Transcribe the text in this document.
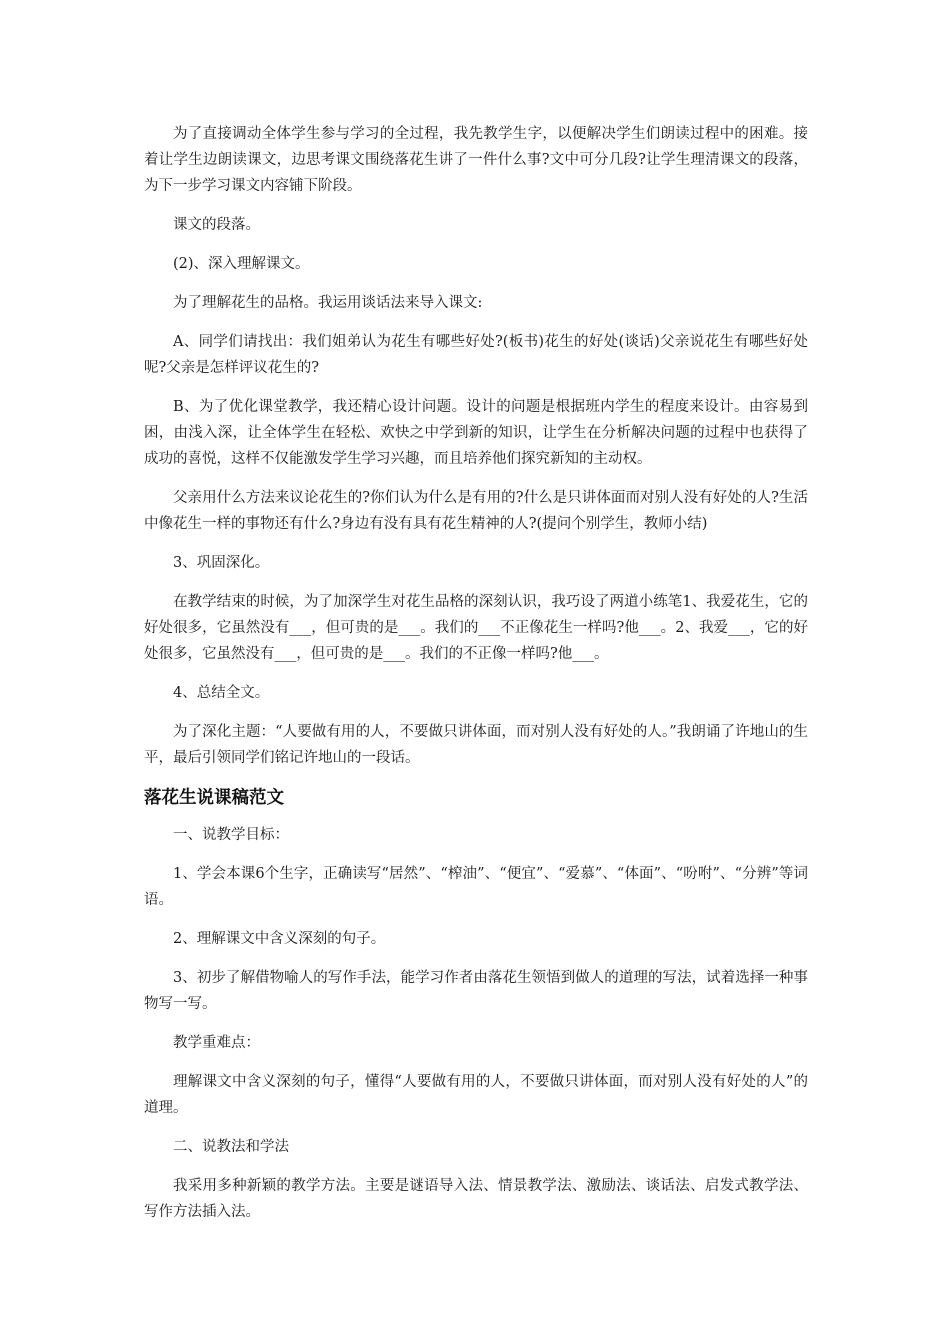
为了直接调动全体学生参与学习的全过程，我先教学生字，以便解决学生们朗读过程中的困难。接着让学生边朗读课文，边思考课文围绕落花生讲了一件什么事?文中可分几段?让学生理清课文的段落，为下一步学习课文内容铺下阶段。

课文的段落。

(2)、深入理解课文。

为了理解花生的品格。我运用谈话法来导入课文:

A、同学们请找出：我们姐弟认为花生有哪些好处?(板书)花生的好处(谈话)父亲说花生有哪些好处呢?父亲是怎样评议花生的?

B、为了优化课堂教学，我还精心设计问题。设计的问题是根据班内学生的程度来设计。由容易到困，由浅入深，让全体学生在轻松、欢快之中学到新的知识，让学生在分析解决问题的过程中也获得了成功的喜悦，这样不仅能激发学生学习兴趣，而且培养他们探究新知的主动权。

父亲用什么方法来议论花生的?你们认为什么是有用的?什么是只讲体面而对别人没有好处的人?生活中像花生一样的事物还有什么?身边有没有具有花生精神的人?(提问个别学生，教师小结)

3、巩固深化。

在教学结束的时候，为了加深学生对花生品格的深刻认识，我巧设了两道小练笔1、我爱花生，它的好处很多，它虽然没有___，但可贵的是___。我们的___不正像花生一样吗?他___。2、我爱___，它的好处很多，它虽然没有___，但可贵的是___。我们的不正像一样吗?他___。

4、总结全文。

为了深化主题：“人要做有用的人，不要做只讲体面，而对别人没有好处的人。”我朗诵了许地山的生平，最后引领同学们铭记许地山的一段话。

落花生说课稿范文

一、说教学目标：

1、学会本课6个生字，正确读写“居然”、“榨油”、“便宜”、“爱慕”、“体面”、“吩咐”、“分辨”等词语。

2、理解课文中含义深刻的句子。

3、初步了解借物喻人的写作手法，能学习作者由落花生领悟到做人的道理的写法，试着选择一种事物写一写。

教学重难点：

理解课文中含义深刻的句子，懂得“人要做有用的人，不要做只讲体面，而对别人没有好处的人”的道理。

二、说教法和学法

我采用多种新颖的教学方法。主要是谜语导入法、情景教学法、激励法、谈话法、启发式教学法、写作方法插入法。
